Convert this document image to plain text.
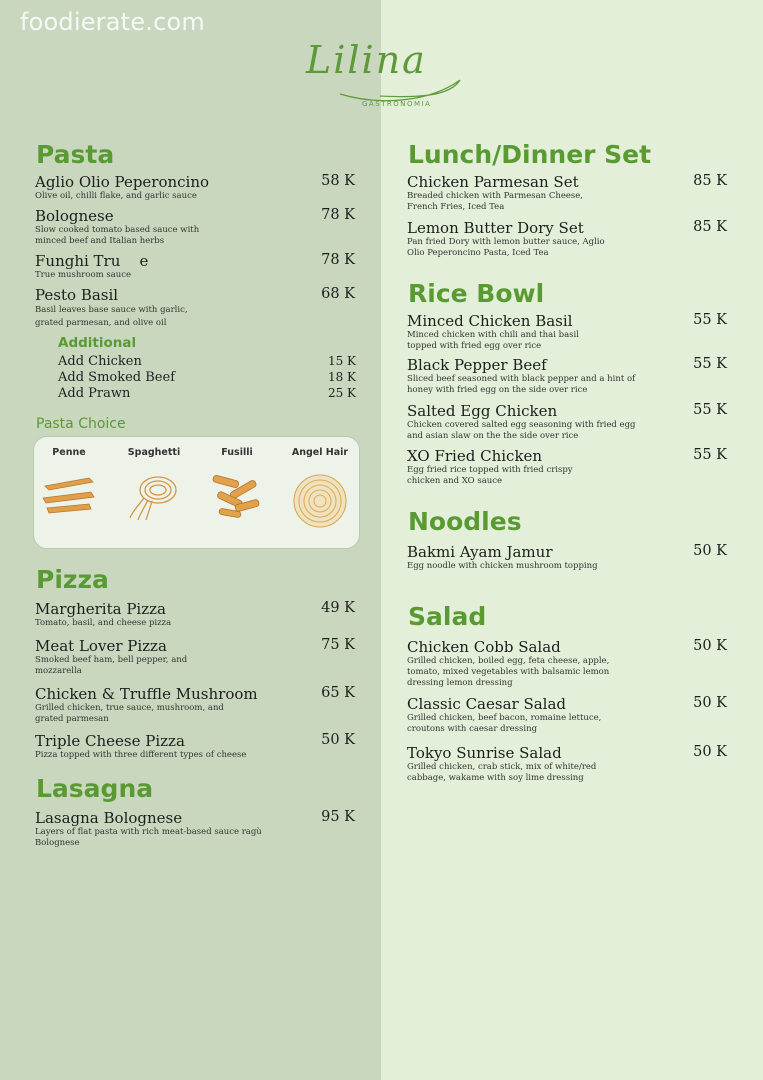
foodierate.com
Lilina
GASTRONOMIA
Pasta
Aglio Olio Peperoncino
Olive oil, chilli flake, and garlic sauce
58 K
Bolognese
Slow cooked tomato based sauce with minced beef and Italian herbs
78 K
Funghi Tru    e
True mushroom sauce
78 K
Pesto Basil
Basil leaves base sauce with garlic, grated parmesan, and olive oil
68 K
Additional
Add Chicken	15 K
Add Smoked Beef	18 K
Add Prawn	25 K
Pasta Choice
Penne	Spaghetti	Fusilli	Angel Hair
Pizza
Margherita Pizza
Tomato, basil, and cheese pizza
49 K
Meat Lover Pizza
Smoked beef ham, bell pepper, and mozzarella
75 K
Chicken & Truffle Mushroom
Grilled chicken, true sauce, mushroom, and grated parmesan
65 K
Triple Cheese Pizza
Pizza topped with three different types of cheese
50 K
Lasagna
Lasagna Bolognese
Layers of flat pasta with rich meat-based sauce ragù Bolognese
95 K
Lunch/Dinner Set
Chicken Parmesan Set
Breaded chicken with Parmesan Cheese, French Fries, Iced Tea
85 K
Lemon Butter Dory Set
Pan fried Dory with lemon butter sauce, Aglio Olio Peperoncino Pasta, Iced Tea
85 K
Rice Bowl
Minced Chicken Basil
Minced chicken with chili and thai basil topped with fried egg over rice
55 K
Black Pepper Beef
Sliced beef seasoned with black pepper and a hint of honey with fried egg on the side over rice
55 K
Salted Egg Chicken
Chicken covered salted egg seasoning with fried egg and asian slaw on the the side over rice
55 K
XO Fried Chicken
Egg fried rice topped with fried crispy chicken and XO sauce
55 K
Noodles
Bakmi Ayam Jamur
Egg noodle with chicken mushroom topping
50 K
Salad
Chicken Cobb Salad
Grilled chicken, boiled egg, feta cheese, apple, tomato, mixed vegetables with balsamic lemon dressing lemon dressing
50 K
Classic Caesar Salad
Grilled chicken, beef bacon, romaine lettuce, croutons with caesar dressing
50 K
Tokyo Sunrise Salad
Grilled chicken, crab stick, mix of white/red cabbage, wakame with soy lime dressing
50 K
